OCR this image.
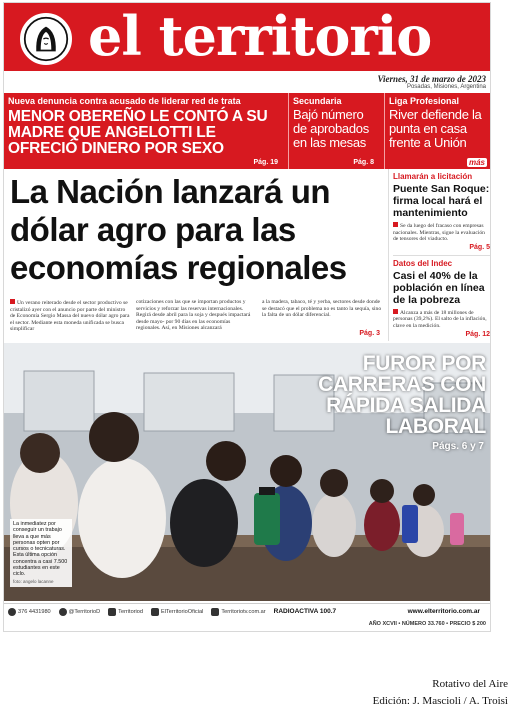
el territorio
Viernes, 31 de marzo de 2023
Posadas, Misiones, Argentina
Nueva denuncia contra acusado de liderar red de trata
MENOR OBEREÑO LE CONTÓ A SU MADRE QUE ANGELOTTI LE OFRECIÓ DINERO POR SEXO
Pág. 19
Secundaria
Bajó número de aprobados en las mesas
Pág. 8
Liga Profesional
River defiende la punta en casa frente a Unión
más
La Nación lanzará un dólar agro para las economías regionales
Un verano reiterado desde el sector productivo se cristalizó ayer con el anuncio por parte del ministro de Economía Sergio Massa del nuevo dólar agro para el sector. Mediante esta moneda unificada se busca simplificar
cotizaciones con las que se importan productos y servicios y reforzar las reservas internacionales. Regirá desde abril para la soja y después impactará desde mayo- por 90 días en las economías regionales. Así, en Misiones alcanzará
a la madera, tabaco, té y yerba, sectores desde donde se destacó que el problema no es tanto la sequía, sino la falta de un dólar diferencial.
Pág. 3
Llamarán a licitación
Puente San Roque: firma local hará el mantenimiento
Se da luego del fracaso con empresas nacionales. Mientras, sigue la evaluación de tensores del viaducto.
Pág. 5
Datos del Indec
Casi el 40% de la población en línea de la pobreza
Alcanza a más de 18 millones de personas (39,2%). El salto de la inflación, clave en la medición.
Pág. 12
FUROR POR CARRERAS CON RÁPIDA SALIDA LABORAL
Págs. 6 y 7
La inmediatez por conseguir un trabajo lleva a que más personas opten por cursos o tecnicaturas. Esta última opción concentra a casi 7.500 estudiantes en este ciclo.
foto: angelo lacanne
376 4431980	@TerritorioD	Territoriod	ElTerritorioOficial	Territoriotv.com.ar RADIOACTIVA 100.7	www.elterritorio.com.ar
AÑO XCVII • NÚMERO 33.760 • PRECIO $ 200
Rotativo del Aire
Edición: J. Mascioli / A. Troisi
